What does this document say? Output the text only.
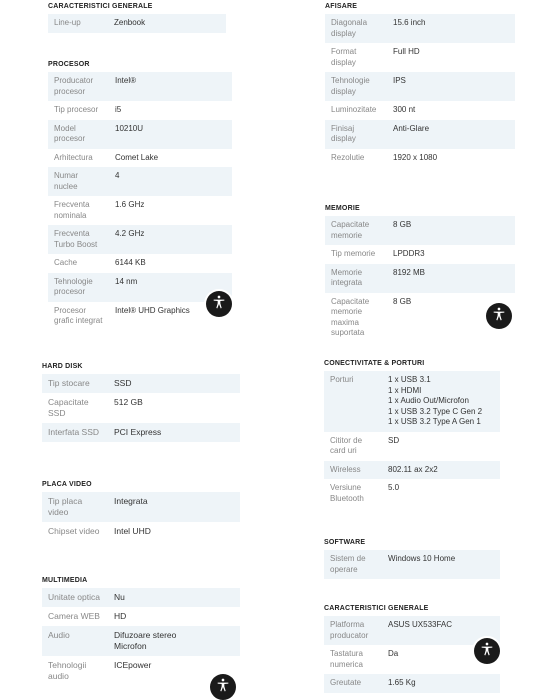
CARACTERISTICI GENERALE
Line-up	Zenbook
PROCESOR
Producator procesor	Intel®
Tip procesor	i5
Model procesor	10210U
Arhitectura	Comet Lake
Numar nuclee	4
Frecventa nominala	1.6 GHz
Frecventa Turbo Boost	4.2 GHz
Cache	6144 KB
Tehnologie procesor	14 nm
Procesor grafic integrat	Intel® UHD Graphics
HARD DISK
Tip stocare	SSD
Capacitate SSD	512 GB
Interfata SSD	PCI Express
PLACA VIDEO
Tip placa video	Integrata
Chipset video	Intel UHD
MULTIMEDIA
Unitate optica	Nu
Camera WEB	HD
Audio	Difuzoare stereo
Microfon
Tehnologii audio	ICEpower
AFISARE
Diagonala display	15.6 inch
Format display	Full HD
Tehnologie display	IPS
Luminozitate	300 nt
Finisaj display	Anti-Glare
Rezolutie	1920 x 1080
MEMORIE
Capacitate memorie	8 GB
Tip memorie	LPDDR3
Memorie integrata	8192 MB
Capacitate memorie maxima suportata	8 GB
CONECTIVITATE & PORTURI
Porturi	1 x USB 3.1
1 x HDMI
1 x Audio Out/Microfon
1 x USB 3.2 Type C Gen 2
1 x USB 3.2 Type A Gen 1
Cititor de card uri	SD
Wireless	802.11 ax 2x2
Versiune Bluetooth	5.0
SOFTWARE
Sistem de operare	Windows 10 Home
CARACTERISTICI GENERALE
Platforma producator	ASUS UX533FAC
Tastatura numerica	Da
Greutate	1.65 Kg
